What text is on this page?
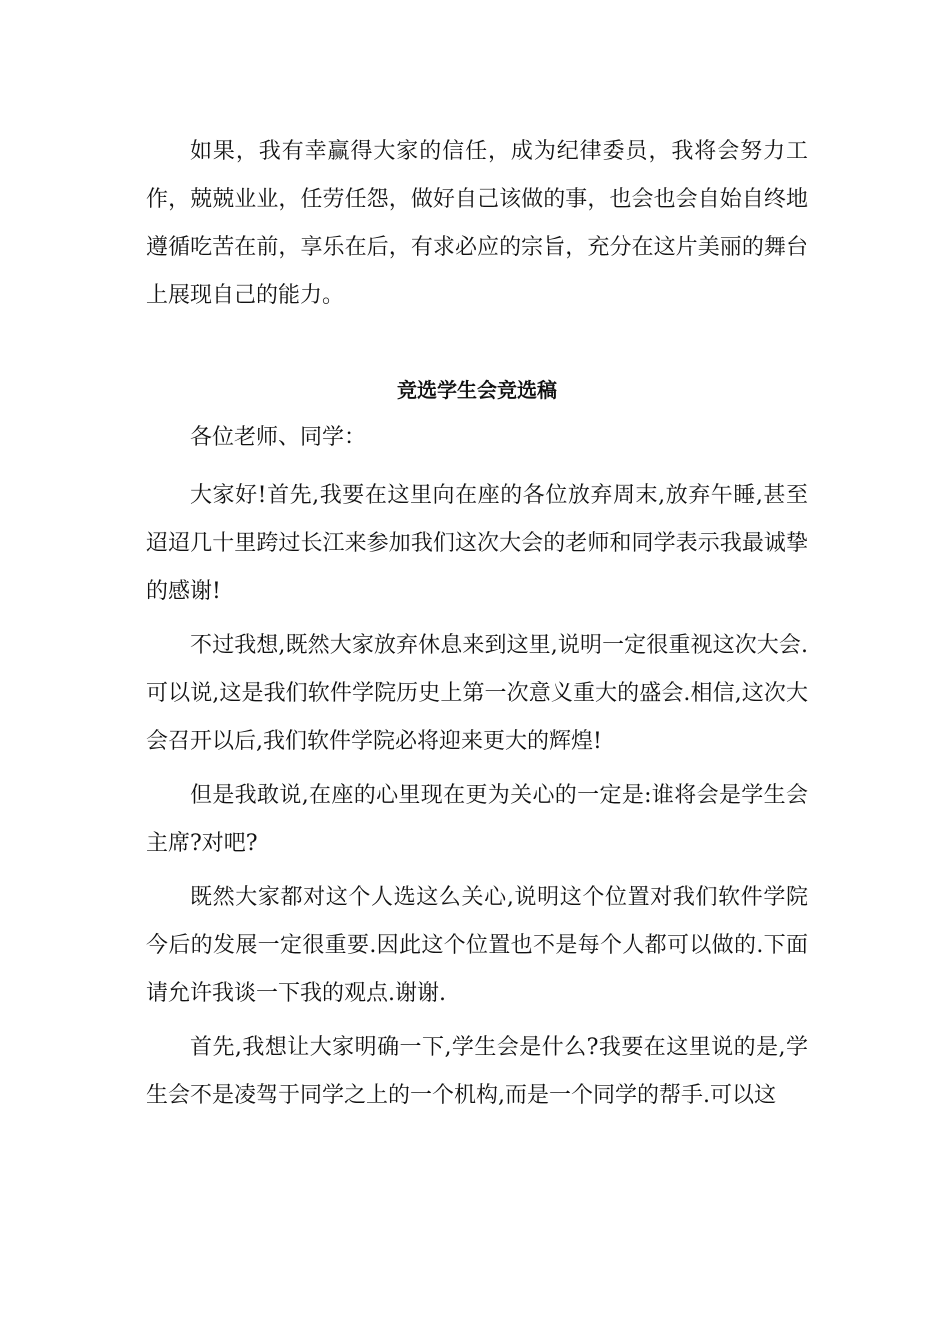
如果，我有幸赢得大家的信任，成为纪律委员，我将会努力工作，兢兢业业，任劳任怨，做好自己该做的事，也会也会自始自终地遵循吃苦在前，享乐在后，有求必应的宗旨，充分在这片美丽的舞台上展现自己的能力。

竞选学生会竞选稿

各位老师、同学：

大家好!首先,我要在这里向在座的各位放弃周末,放弃午睡,甚至迢迢几十里跨过长江来参加我们这次大会的老师和同学表示我最诚挚的感谢!

不过我想,既然大家放弃休息来到这里,说明一定很重视这次大会.可以说,这是我们软件学院历史上第一次意义重大的盛会.相信,这次大会召开以后,我们软件学院必将迎来更大的辉煌!

但是我敢说,在座的心里现在更为关心的一定是:谁将会是学生会主席?对吧?

既然大家都对这个人选这么关心,说明这个位置对我们软件学院今后的发展一定很重要.因此这个位置也不是每个人都可以做的.下面请允许我谈一下我的观点.谢谢.

首先,我想让大家明确一下,学生会是什么?我要在这里说的是,学生会不是凌驾于同学之上的一个机构,而是一个同学的帮手.可以这
